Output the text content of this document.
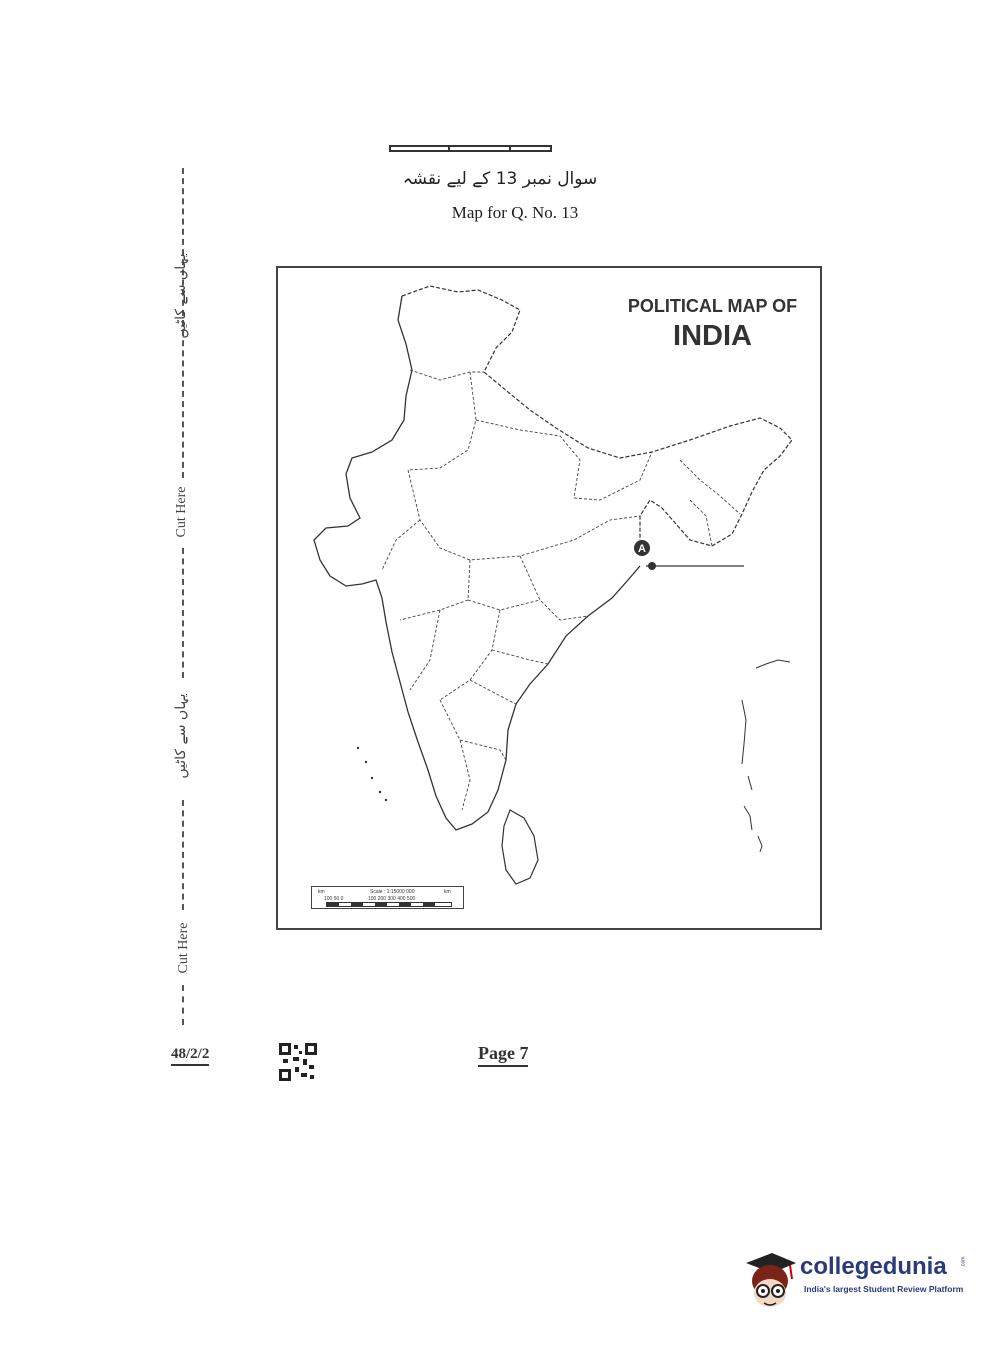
سوال نمبر 13 کے لیے نقشہ
Map for Q. No. 13
POLITICAL MAP OF
INDIA
A
km	Scale : 1:15000 000	km
100 50 0	100 200 300 400 500
یہاں سے کاٹیں
Cut Here
یہاں سے کاٹیں
Cut Here
48/2/2	Page 7
collegedunia	.com
India's largest Student Review Platform
